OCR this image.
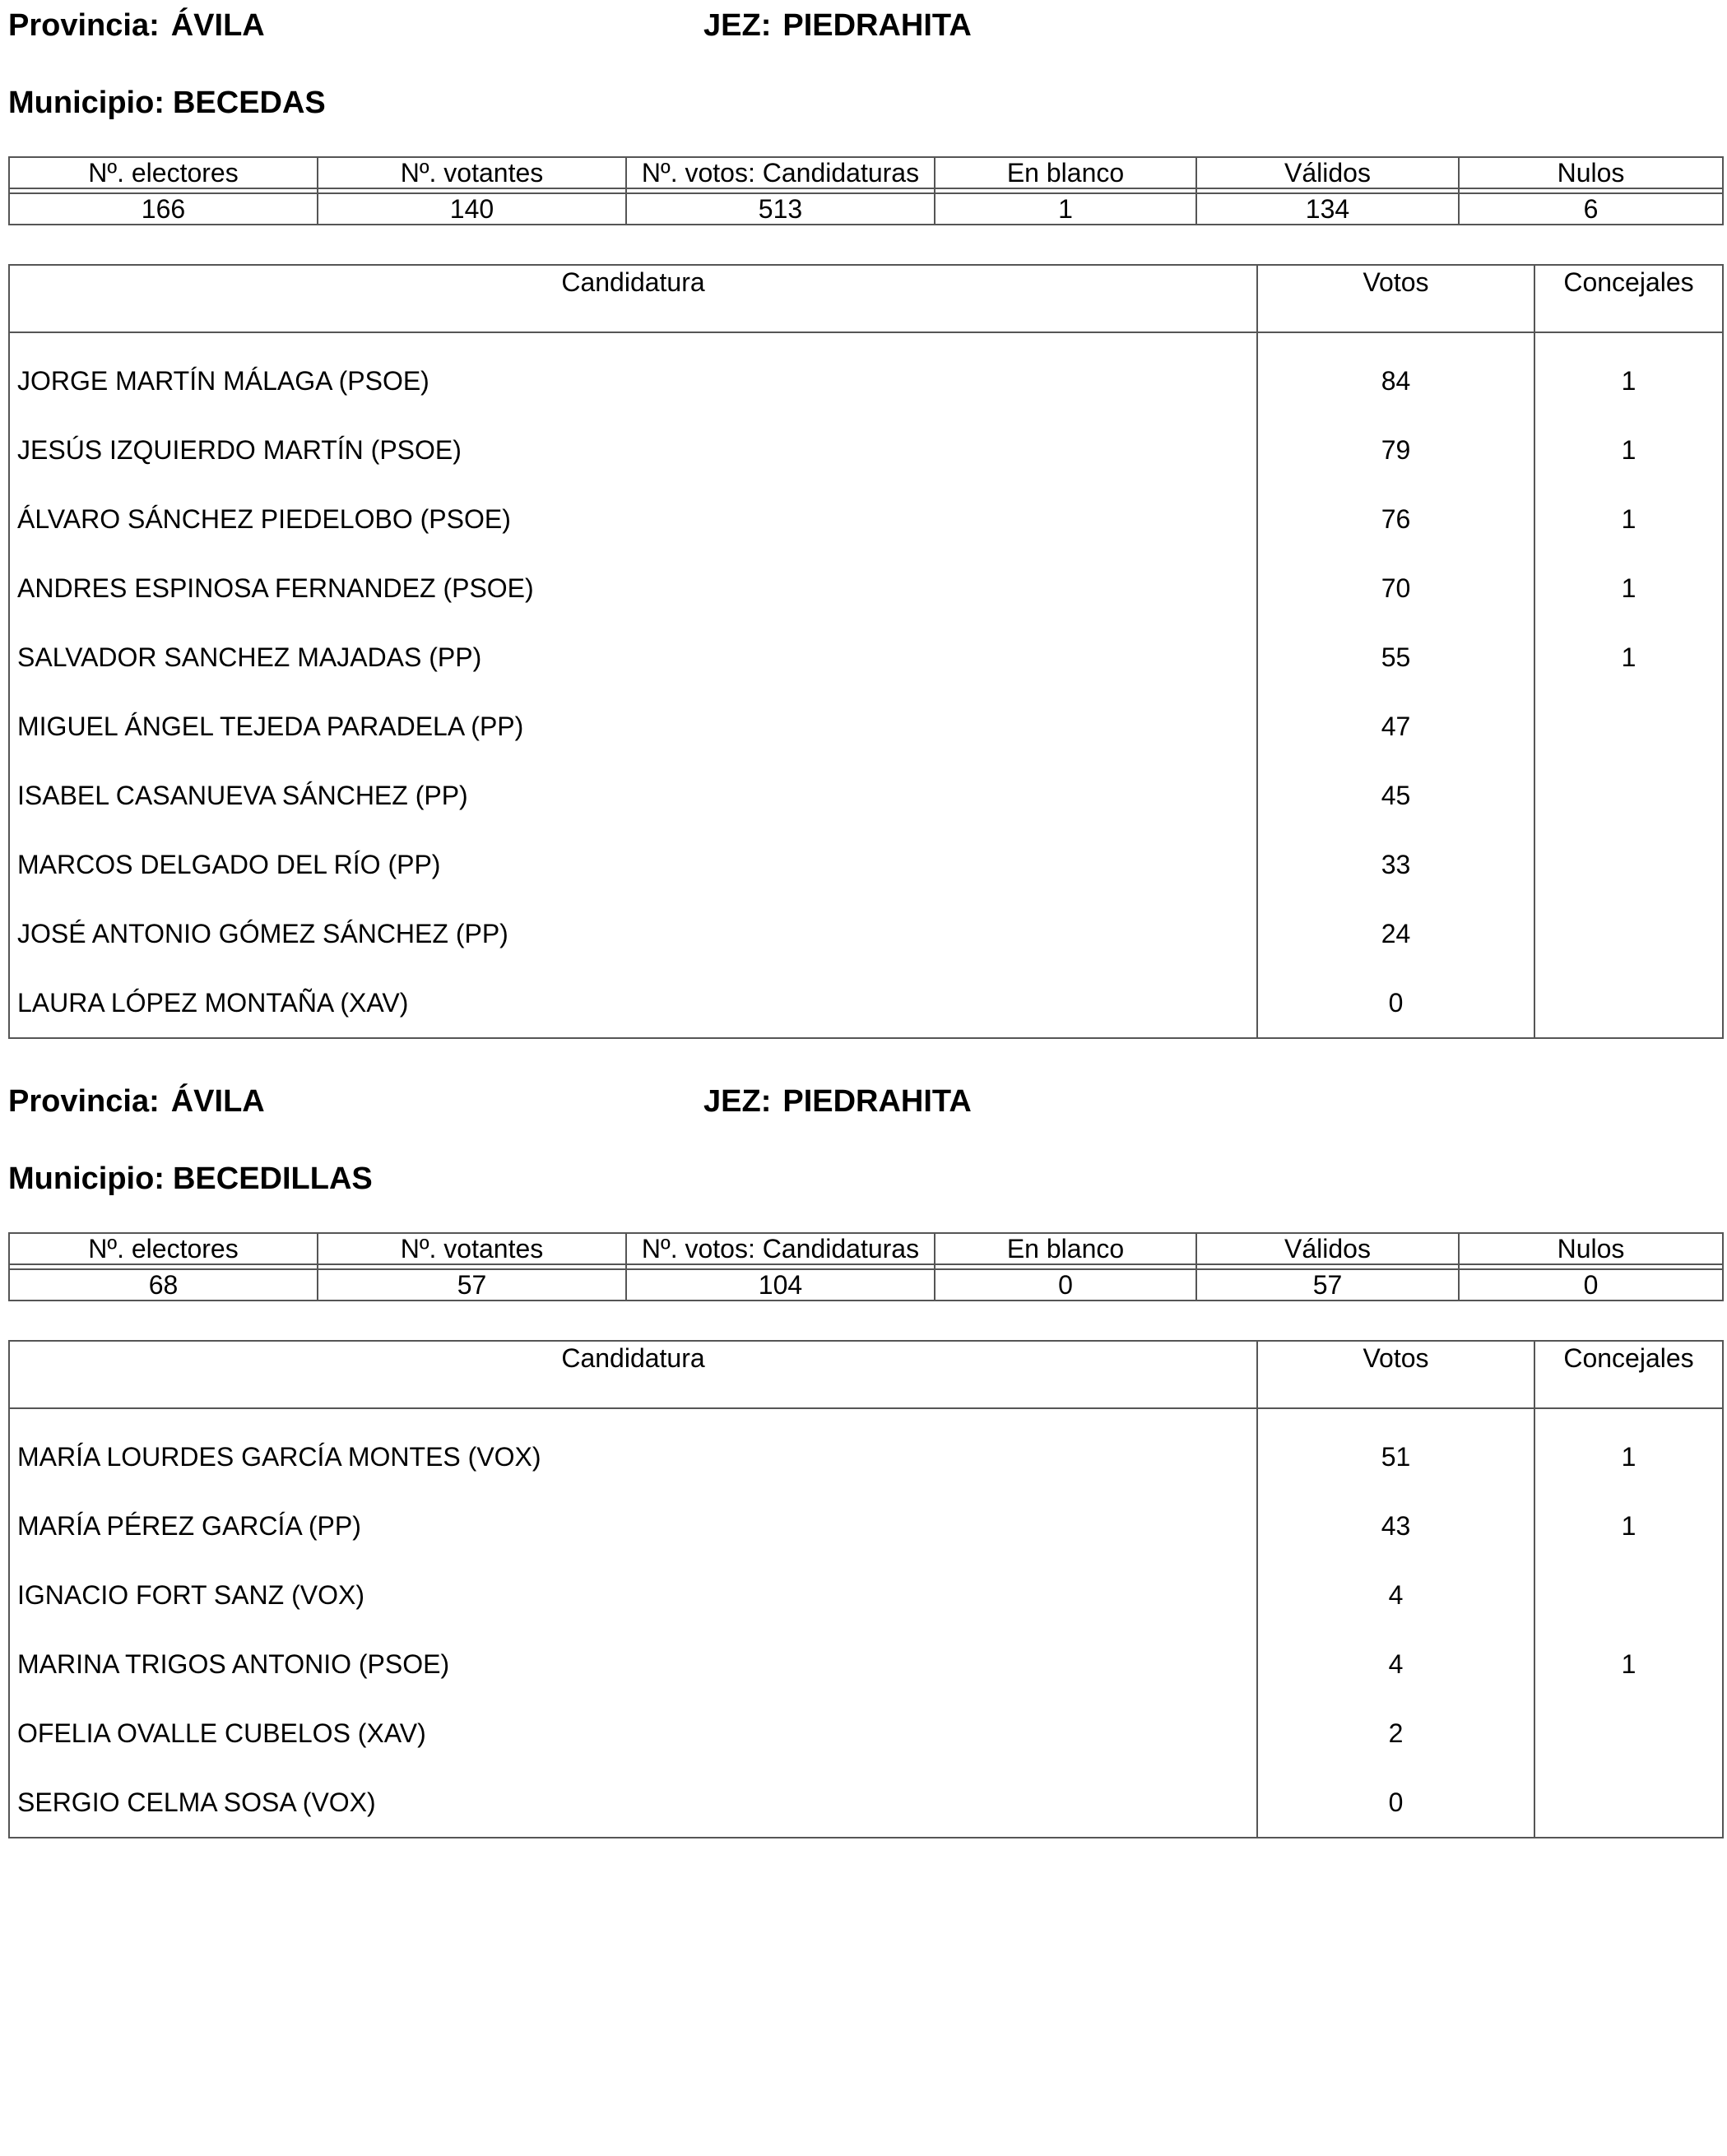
Provincia: ÁVILA	JEZ: PIEDRAHITA
Municipio: BECEDAS
Nº. electores	Nº. votantes	Nº. votos: Candidaturas	En blanco	Válidos	Nulos

166	140	513	1	134	6
Candidatura	Votos	Concejales
JORGE MARTÍN MÁLAGA (PSOE)	84	1
JESÚS IZQUIERDO MARTÍN (PSOE)	79	1
ÁLVARO SÁNCHEZ PIEDELOBO (PSOE)	76	1
ANDRES ESPINOSA FERNANDEZ (PSOE)	70	1
SALVADOR SANCHEZ MAJADAS (PP)	55	1
MIGUEL ÁNGEL TEJEDA PARADELA (PP)	47	
ISABEL CASANUEVA SÁNCHEZ (PP)	45	
MARCOS DELGADO DEL RÍO (PP)	33	
JOSÉ ANTONIO GÓMEZ SÁNCHEZ (PP)	24	
LAURA LÓPEZ MONTAÑA (XAV)	0	
Provincia: ÁVILA	JEZ: PIEDRAHITA
Municipio: BECEDILLAS
Nº. electores	Nº. votantes	Nº. votos: Candidaturas	En blanco	Válidos	Nulos

68	57	104	0	57	0
Candidatura	Votos	Concejales
MARÍA LOURDES GARCÍA MONTES (VOX)	51	1
MARÍA PÉREZ GARCÍA (PP)	43	1
IGNACIO FORT SANZ (VOX)	4	
MARINA TRIGOS ANTONIO (PSOE)	4	1
OFELIA OVALLE CUBELOS (XAV)	2	
SERGIO CELMA SOSA (VOX)	0	
